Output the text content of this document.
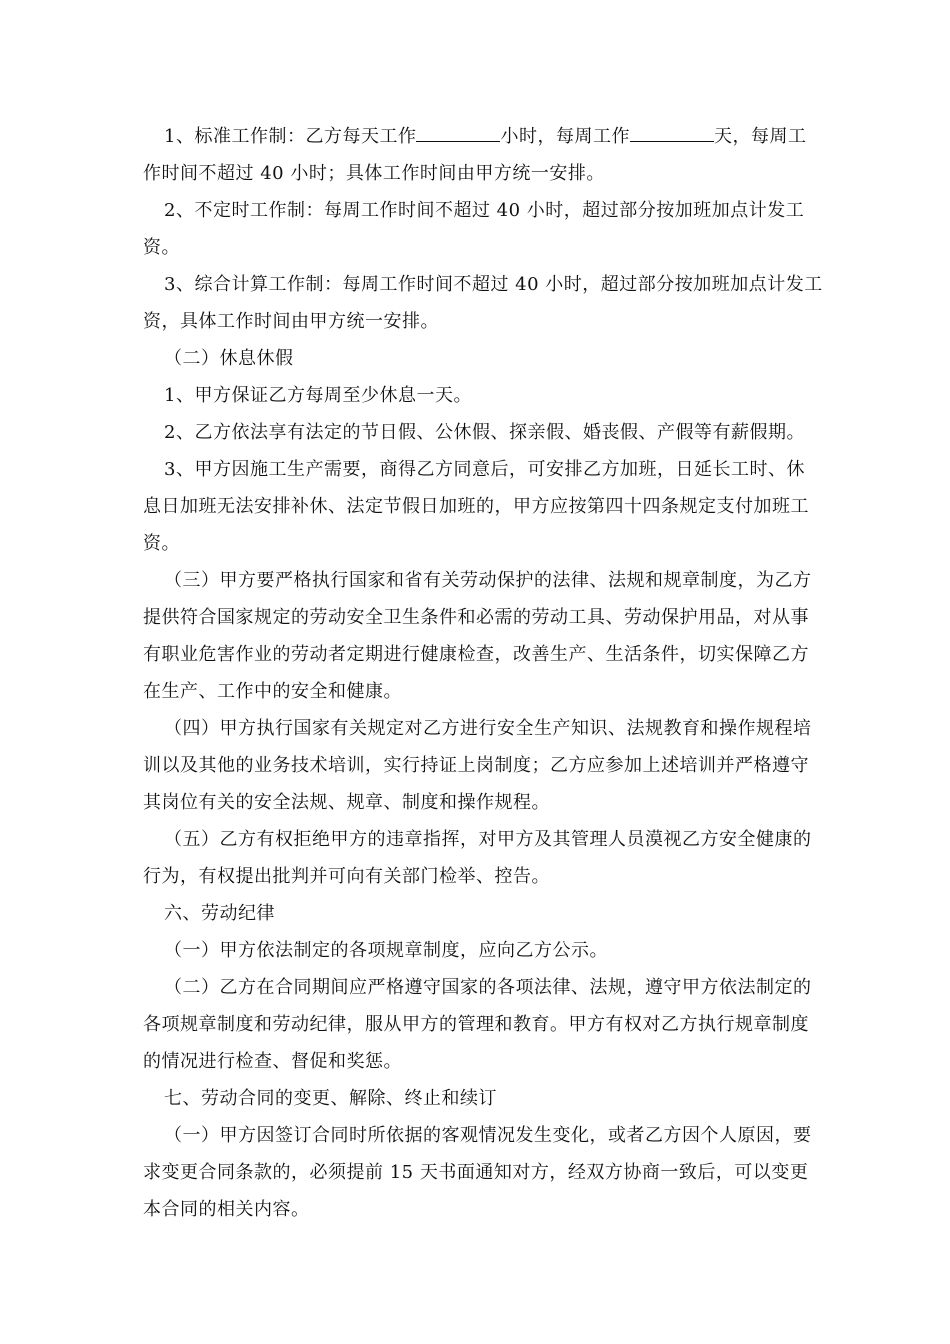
1、标准工作制：乙方每天工作	小时，每周工作	天，每周工作时间不超过 40 小时；具体工作时间由甲方统一安排。

2、不定时工作制：每周工作时间不超过 40 小时，超过部分按加班加点计发工资。

3、综合计算工作制：每周工作时间不超过 40 小时，超过部分按加班加点计发工资，具体工作时间由甲方统一安排。

（二）休息休假

1、甲方保证乙方每周至少休息一天。

2、乙方依法享有法定的节日假、公休假、探亲假、婚丧假、产假等有薪假期。

3、甲方因施工生产需要，商得乙方同意后，可安排乙方加班，日延长工时、休息日加班无法安排补休、法定节假日加班的，甲方应按第四十四条规定支付加班工资。

（三）甲方要严格执行国家和省有关劳动保护的法律、法规和规章制度，为乙方提供符合国家规定的劳动安全卫生条件和必需的劳动工具、劳动保护用品，对从事有职业危害作业的劳动者定期进行健康检查，改善生产、生活条件，切实保障乙方在生产、工作中的安全和健康。

（四）甲方执行国家有关规定对乙方进行安全生产知识、法规教育和操作规程培训以及其他的业务技术培训，实行持证上岗制度；乙方应参加上述培训并严格遵守其岗位有关的安全法规、规章、制度和操作规程。

（五）乙方有权拒绝甲方的违章指挥，对甲方及其管理人员漠视乙方安全健康的行为，有权提出批判并可向有关部门检举、控告。

六、劳动纪律

（一）甲方依法制定的各项规章制度，应向乙方公示。

（二）乙方在合同期间应严格遵守国家的各项法律、法规，遵守甲方依法制定的各项规章制度和劳动纪律，服从甲方的管理和教育。甲方有权对乙方执行规章制度的情况进行检查、督促和奖惩。

七、劳动合同的变更、解除、终止和续订

（一）甲方因签订合同时所依据的客观情况发生变化，或者乙方因个人原因，要求变更合同条款的，必须提前 15 天书面通知对方，经双方协商一致后，可以变更本合同的相关内容。
